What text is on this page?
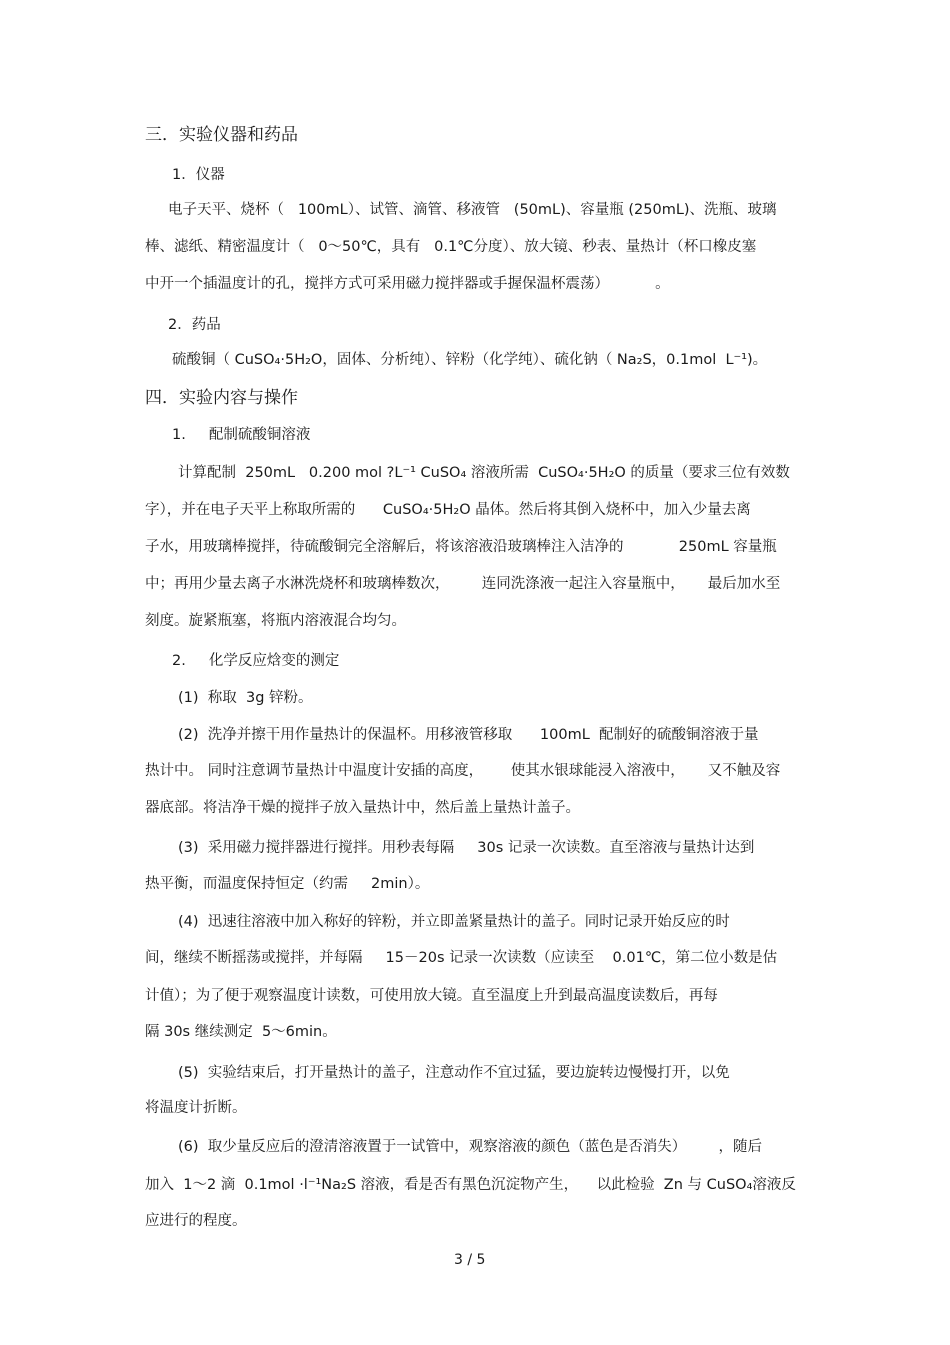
三．实验仪器和药品
1．仪器
电子天平、烧杯（   100mL）、试管、滴管、移液管   (50mL)、容量瓶 (250mL)、洗瓶、玻璃
棒、滤纸、精密温度计（   0～50℃，具有   0.1℃分度）、放大镜、秒表、量热计（杯口橡皮塞
中开一个插温度计的孔，搅拌方式可采用磁力搅拌器或手握保温杯震荡）          。
2．药品
硫酸铜（ CuSO₄·5H₂O，固体、分析纯）、锌粉（化学纯）、硫化钠（ Na₂S，0.1mol  L⁻¹)。
四．实验内容与操作
1.     配制硫酸铜溶液
计算配制  250mL   0.200 mol ?L⁻¹ CuSO₄ 溶液所需  CuSO₄·5H₂O 的质量（要求三位有效数
字），并在电子天平上称取所需的      CuSO₄·5H₂O 晶体。然后将其倒入烧杯中，加入少量去离
子水，用玻璃棒搅拌，待硫酸铜完全溶解后，将该溶液沿玻璃棒注入洁净的            250mL 容量瓶
中；再用少量去离子水淋洗烧杯和玻璃棒数次，       连同洗涤液一起注入容量瓶中，     最后加水至
刻度。旋紧瓶塞，将瓶内溶液混合均匀。
2.     化学反应焓变的测定
(1)  称取  3g 锌粉。
(2)  洗净并擦干用作量热计的保温杯。用移液管移取      100mL  配制好的硫酸铜溶液于量
热计中。 同时注意调节量热计中温度计安插的高度，      使其水银球能浸入溶液中，     又不触及容
器底部。将洁净干燥的搅拌子放入量热计中，然后盖上量热计盖子。
(3)  采用磁力搅拌器进行搅拌。用秒表每隔     30s 记录一次读数。直至溶液与量热计达到
热平衡，而温度保持恒定（约需     2min）。
(4)  迅速往溶液中加入称好的锌粉，并立即盖紧量热计的盖子。同时记录开始反应的时
间，继续不断摇荡或搅拌，并每隔     15－20s 记录一次读数（应读至    0.01℃，第二位小数是估
计值）；为了便于观察温度计读数，可使用放大镜。直至温度上升到最高温度读数后，再每
隔 30s 继续测定  5～6min。
(5)  实验结束后，打开量热计的盖子，注意动作不宜过猛，要边旋转边慢慢打开，以免
将温度计折断。
(6)  取少量反应后的澄清溶液置于一试管中，观察溶液的颜色（蓝色是否消失）       ，随后
加入  1～2 滴  0.1mol ·l⁻¹Na₂S 溶液，看是否有黑色沉淀物产生，    以此检验  Zn 与 CuSO₄溶液反
应进行的程度。
3 / 5
